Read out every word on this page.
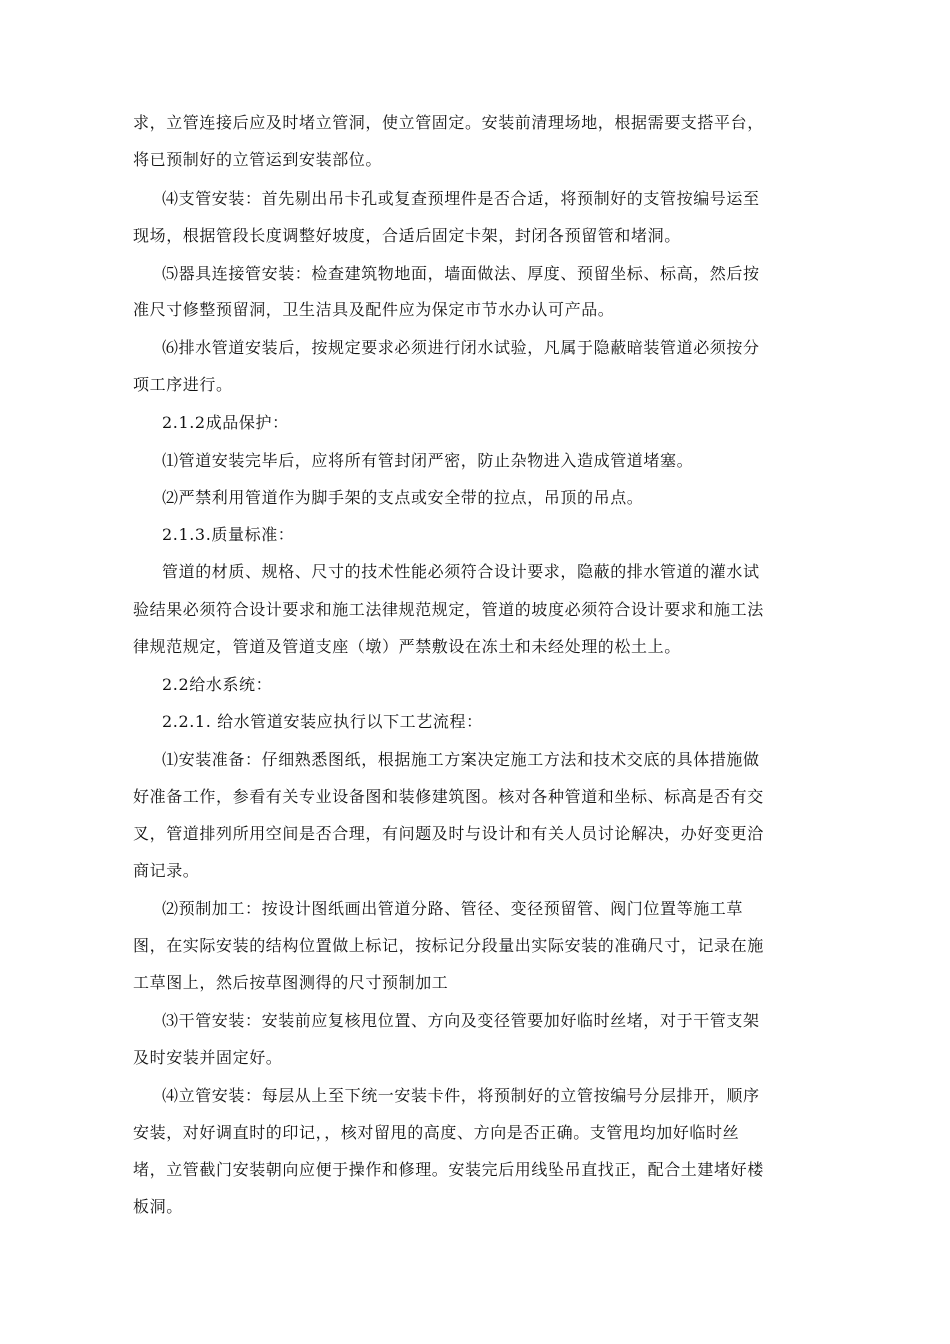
求，立管连接后应及时堵立管洞，使立管固定。安装前清理场地，根据需要支搭平台，
将已预制好的立管运到安装部位。
⑷支管安装：首先剔出吊卡孔或复查预埋件是否合适，将预制好的支管按编号运至
现场，根据管段长度调整好坡度，合适后固定卡架，封闭各预留管和堵洞。
⑸器具连接管安装：检查建筑物地面，墙面做法、厚度、预留坐标、标高，然后按
准尺寸修整预留洞，卫生洁具及配件应为保定市节水办认可产品。
⑹排水管道安装后，按规定要求必须进行闭水试验，凡属于隐蔽暗装管道必须按分
项工序进行。
2.1.2成品保护：
⑴管道安装完毕后，应将所有管封闭严密，防止杂物进入造成管道堵塞。
⑵严禁利用管道作为脚手架的支点或安全带的拉点，吊顶的吊点。
2.1.3.质量标准：
管道的材质、规格、尺寸的技术性能必须符合设计要求，隐蔽的排水管道的灌水试
验结果必须符合设计要求和施工法律规范规定，管道的坡度必须符合设计要求和施工法
律规范规定，管道及管道支座（墩）严禁敷设在冻土和未经处理的松土上。
2.2给水系统：
2.2.1. 给水管道安装应执行以下工艺流程：
⑴安装准备：仔细熟悉图纸，根据施工方案决定施工方法和技术交底的具体措施做
好准备工作，参看有关专业设备图和装修建筑图。核对各种管道和坐标、标高是否有交
叉，管道排列所用空间是否合理，有问题及时与设计和有关人员讨论解决，办好变更洽
商记录。
⑵预制加工：按设计图纸画出管道分路、管径、变径预留管、阀门位置等施工草
图，在实际安装的结构位置做上标记，按标记分段量出实际安装的准确尺寸，记录在施
工草图上，然后按草图测得的尺寸预制加工
⑶干管安装：安装前应复核甩位置、方向及变径管要加好临时丝堵，对于干管支架
及时安装并固定好。
⑷立管安装：每层从上至下统一安装卡件，将预制好的立管按编号分层排开，顺序
安装，对好调直时的印记，，核对留甩的高度、方向是否正确。支管甩均加好临时丝
堵，立管截门安装朝向应便于操作和修理。安装完后用线坠吊直找正，配合土建堵好楼
板洞。
